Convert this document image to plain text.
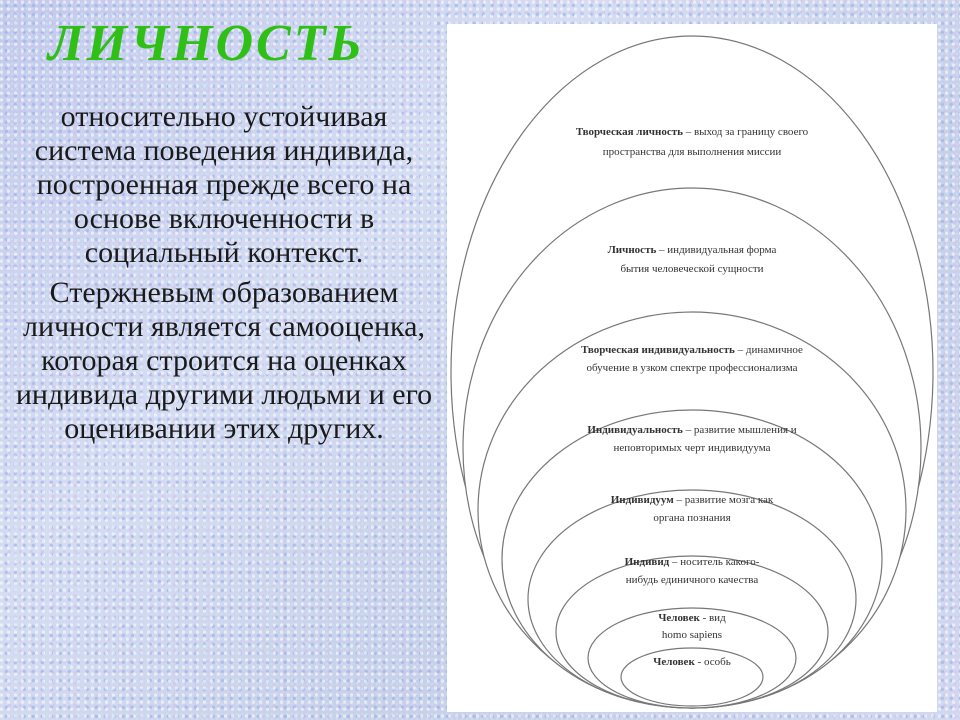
ЛИЧНОСТЬ

относительно устойчивая система поведения индивида, построенная прежде всего на основе включенности в социальный контекст.

Стержневым образованием личности является самооценка, которая строится на оценках индивида другими людьми и его оценивании этих других.

Творческая личность – выход за границу своего
пространства для выполнения миссии
Личность – индивидуальная форма
бытия человеческой сущности
Творческая индивидуальность – динамичное
обучение в узком спектре профессионализма
Индивидуальность – развитие мышления и
неповторимых черт индивидуума
Индивидуум – развитие мозга как
органа познания
Индивид – носитель какого-
нибудь единичного качества
Человек - вид
homo sapiens
Человек - особь
